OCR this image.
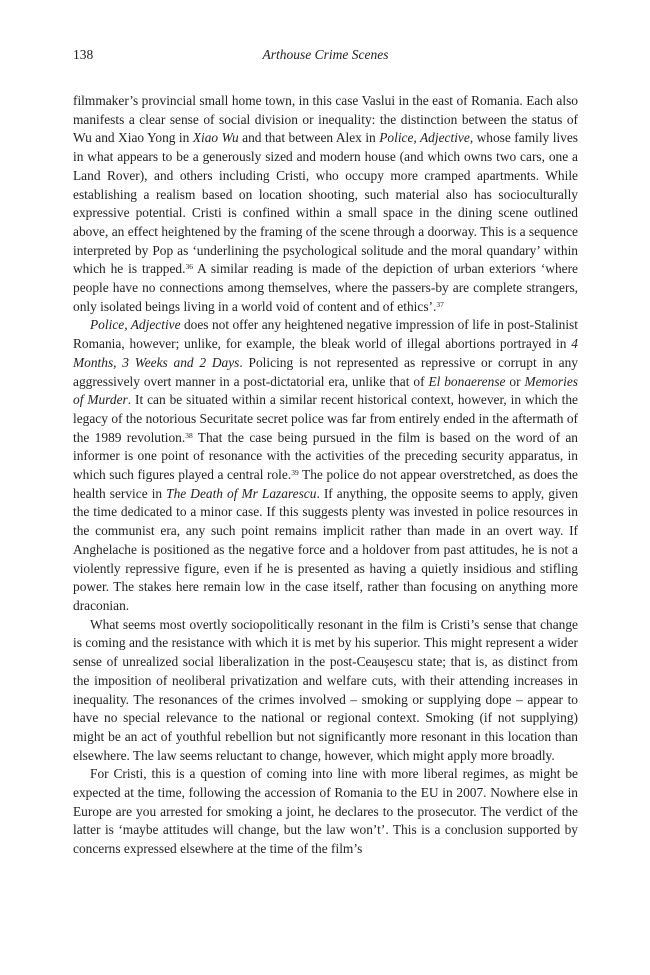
138	Arthouse Crime Scenes

filmmaker’s provincial small home town, in this case Vaslui in the east of Romania. Each also manifests a clear sense of social division or inequality: the distinction between the status of Wu and Xiao Yong in Xiao Wu and that between Alex in Police, Adjective, whose family lives in what appears to be a generously sized and modern house (and which owns two cars, one a Land Rover), and others including Cristi, who occupy more cramped apartments. While establishing a realism based on location shooting, such material also has socioculturally expressive potential. Cristi is confined within a small space in the dining scene outlined above, an effect heightened by the framing of the scene through a doorway. This is a sequence interpreted by Pop as ‘underlining the psychological solitude and the moral quandary’ within which he is trapped.$^{36}$ A similar reading is made of the depiction of urban exteriors ‘where people have no connections among themselves, where the passers-by are complete strangers, only isolated beings living in a world void of content and of ethics’.$^{37}$

Police, Adjective does not offer any heightened negative impression of life in post-Stalinist Romania, however; unlike, for example, the bleak world of illegal abortions portrayed in 4 Months, 3 Weeks and 2 Days. Policing is not represented as repressive or corrupt in any aggressively overt manner in a post-dictatorial era, unlike that of El bonaerense or Memories of Murder. It can be situated within a similar recent historical context, however, in which the legacy of the notorious Securitate secret police was far from entirely ended in the aftermath of the 1989 revolution.$^{38}$ That the case being pursued in the film is based on the word of an informer is one point of resonance with the activities of the preceding security apparatus, in which such figures played a central role.$^{39}$ The police do not appear overstretched, as does the health service in The Death of Mr Lazarescu. If anything, the opposite seems to apply, given the time dedicated to a minor case. If this suggests plenty was invested in police resources in the communist era, any such point remains implicit rather than made in an overt way. If Anghelache is positioned as the negative force and a holdover from past attitudes, he is not a violently repressive figure, even if he is presented as having a quietly insidious and stifling power. The stakes here remain low in the case itself, rather than focusing on anything more draconian.

What seems most overtly sociopolitically resonant in the film is Cristi’s sense that change is coming and the resistance with which it is met by his superior. This might represent a wider sense of unrealized social liberalization in the post-Ceaușescu state; that is, as distinct from the imposition of neoliberal privatization and welfare cuts, with their attending increases in inequality. The resonances of the crimes involved – smoking or supplying dope – appear to have no special relevance to the national or regional context. Smoking (if not supplying) might be an act of youthful rebellion but not significantly more resonant in this location than elsewhere. The law seems reluctant to change, however, which might apply more broadly.

For Cristi, this is a question of coming into line with more liberal regimes, as might be expected at the time, following the accession of Romania to the EU in 2007. Nowhere else in Europe are you arrested for smoking a joint, he declares to the prosecutor. The verdict of the latter is ‘maybe attitudes will change, but the law won’t’. This is a conclusion supported by concerns expressed elsewhere at the time of the film’s
